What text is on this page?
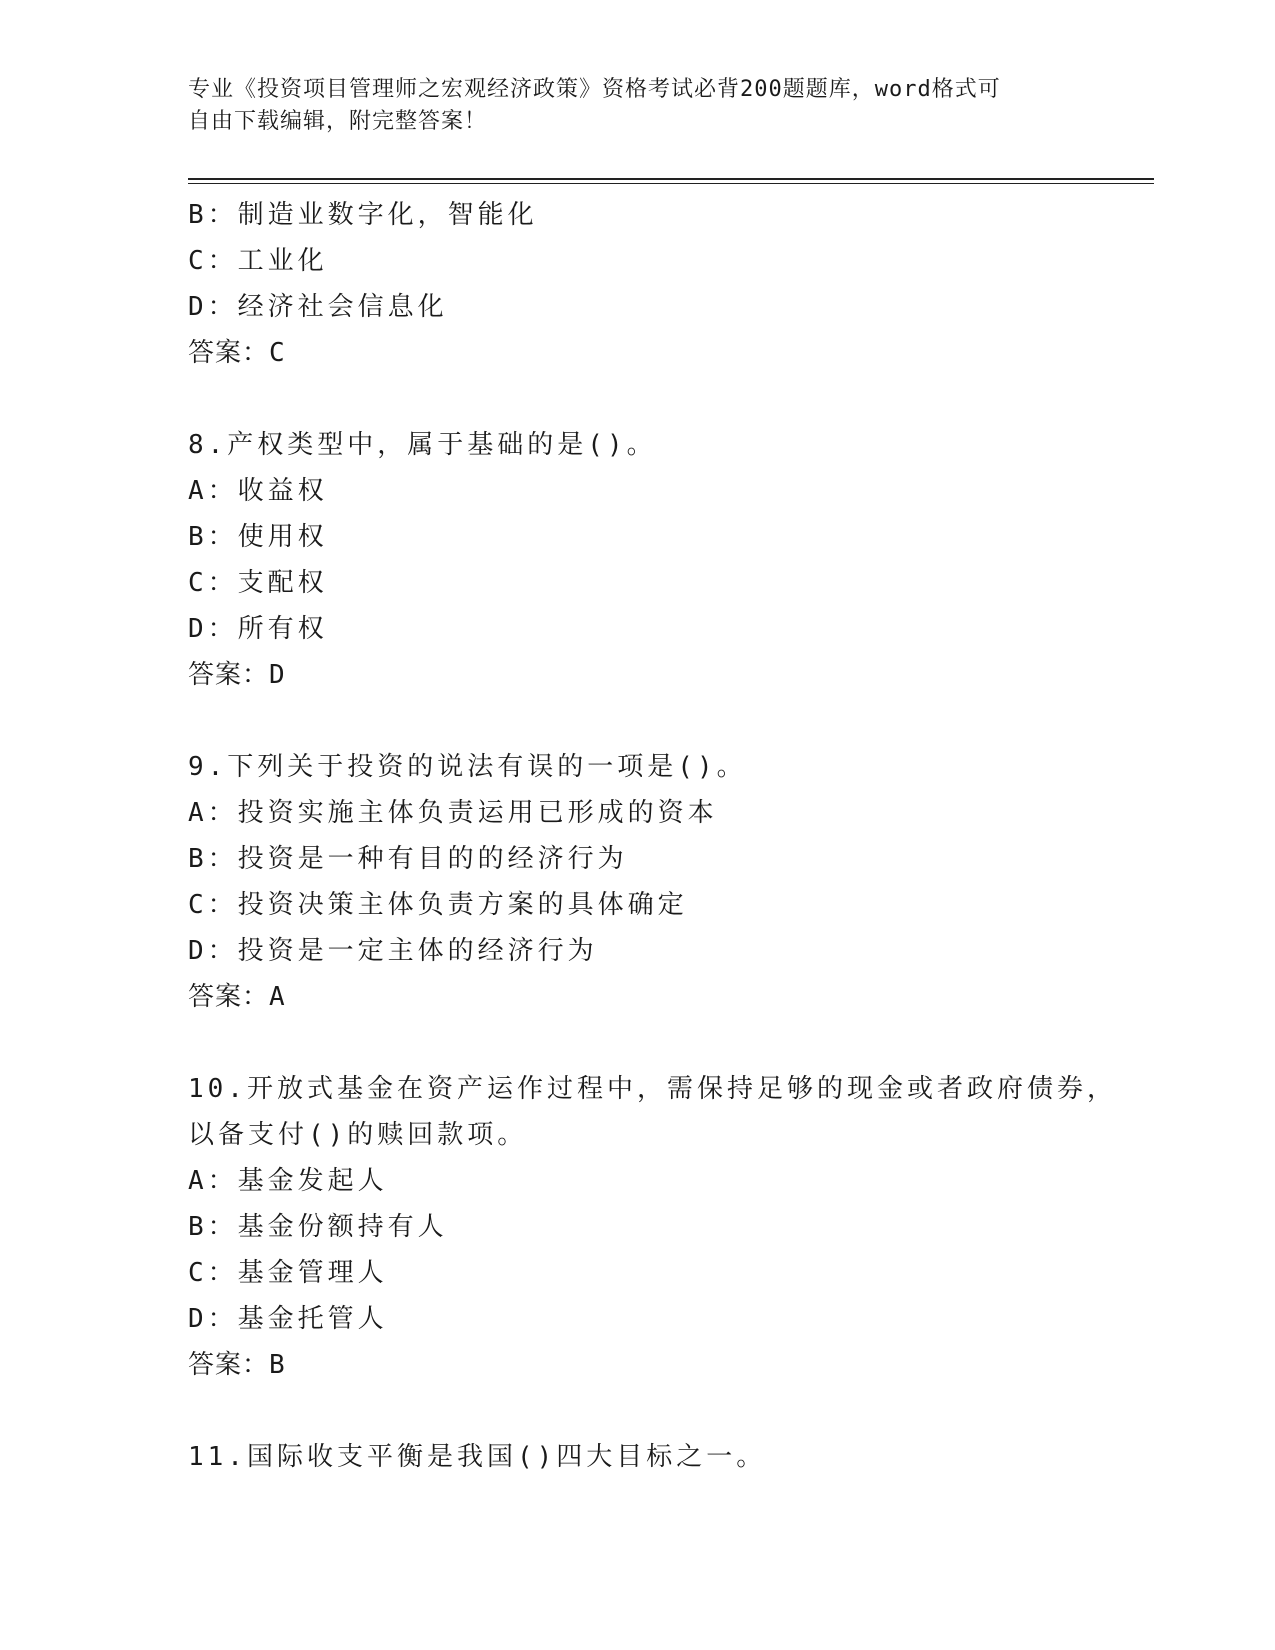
专业《投资项目管理师之宏观经济政策》资格考试必背200题题库，word格式可
自由下载编辑，附完整答案！
B：制造业数字化，智能化
C：工业化
D：经济社会信息化
答案：C
8.产权类型中，属于基础的是()。
A：收益权
B：使用权
C：支配权
D：所有权
答案：D
9.下列关于投资的说法有误的一项是()。
A：投资实施主体负责运用已形成的资本
B：投资是一种有目的的经济行为
C：投资决策主体负责方案的具体确定
D：投资是一定主体的经济行为
答案：A
10.开放式基金在资产运作过程中，需保持足够的现金或者政府债券，
以备支付()的赎回款项。
A：基金发起人
B：基金份额持有人
C：基金管理人
D：基金托管人
答案：B
11.国际收支平衡是我国()四大目标之一。
